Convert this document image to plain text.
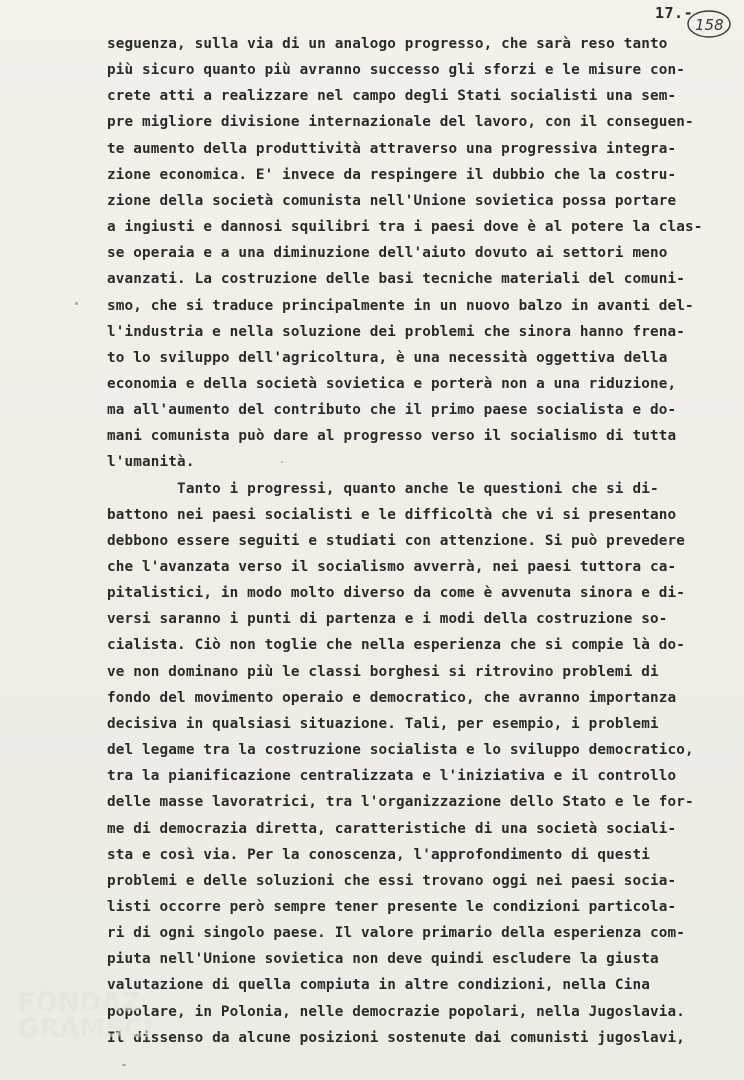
17.-
158
seguenza, sulla via di un analogo progresso, che sarà reso tanto
più sicuro quanto più avranno successo gli sforzi e le misure con-
crete atti a realizzare nel campo degli Stati socialisti una sem-
pre migliore divisione internazionale del lavoro, con il conseguen-
te aumento della produttività attraverso una progressiva integra-
zione economica. E' invece da respingere il dubbio che la costru-
zione della società comunista nell'Unione sovietica possa portare
a ingiusti e dannosi squilibri tra i paesi dove è al potere la clas-
se operaia e a una diminuzione dell'aiuto dovuto ai settori meno
avanzati. La costruzione delle basi tecniche materiali del comuni-
smo, che si traduce principalmente in un nuovo balzo in avanti del-
l'industria e nella soluzione dei problemi che sinora hanno frena-
to lo sviluppo dell'agricoltura, è una necessità oggettiva della
economia e della società sovietica e porterà non a una riduzione,
ma all'aumento del contributo che il primo paese socialista e do-
mani comunista può dare al progresso verso il socialismo di tutta
l'umanità.
Tanto i progressi, quanto anche le questioni che si di-
battono nei paesi socialisti e le difficoltà che vi si presentano
debbono essere seguiti e studiati con attenzione. Si può prevedere
che l'avanzata verso il socialismo avverrà, nei paesi tuttora ca-
pitalistici, in modo molto diverso da come è avvenuta sinora e di-
versi saranno i punti di partenza e i modi della costruzione so-
cialista. Ciò non toglie che nella esperienza che si compie là do-
ve non dominano più le classi borghesi si ritrovino problemi di
fondo del movimento operaio e democratico, che avranno importanza
decisiva in qualsiasi situazione. Tali, per esempio, i problemi
del legame tra la costruzione socialista e lo sviluppo democratico,
tra la pianificazione centralizzata e l'iniziativa e il controllo
delle masse lavoratrici, tra l'organizzazione dello Stato e le for-
me di democrazia diretta, caratteristiche di una società sociali-
sta e così via. Per la conoscenza, l'approfondimento di questi
problemi e delle soluzioni che essi trovano oggi nei paesi socia-
listi occorre però sempre tener presente le condizioni particola-
ri di ogni singolo paese. Il valore primario della esperienza com-
piuta nell'Unione sovietica non deve quindi escludere la giusta
valutazione di quella compiuta in altre condizioni, nella Cina
popolare, in Polonia, nelle democrazie popolari, nella Jugoslavia.
Il dissenso da alcune posizioni sostenute dai comunisti jugoslavi,
FONDAZ
GRAMSCI
